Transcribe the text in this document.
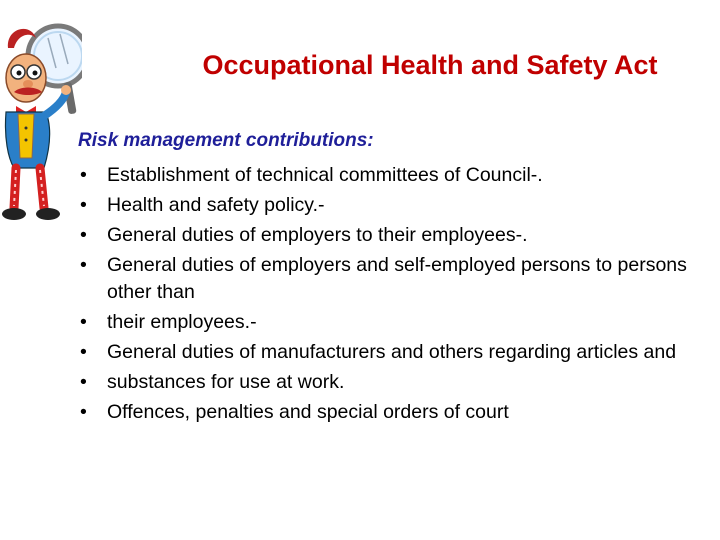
Occupational Health and Safety Act
Risk management contributions:
•	Establishment of technical committees of Council-.
•	Health and safety policy.-
•	General duties of employers to their employees-.
•	General duties of employers and self-employed persons to persons other than
•	their employees.-
•	General duties of manufacturers and others regarding articles and
•	substances for use at work.
•	Offences, penalties and special orders of court
